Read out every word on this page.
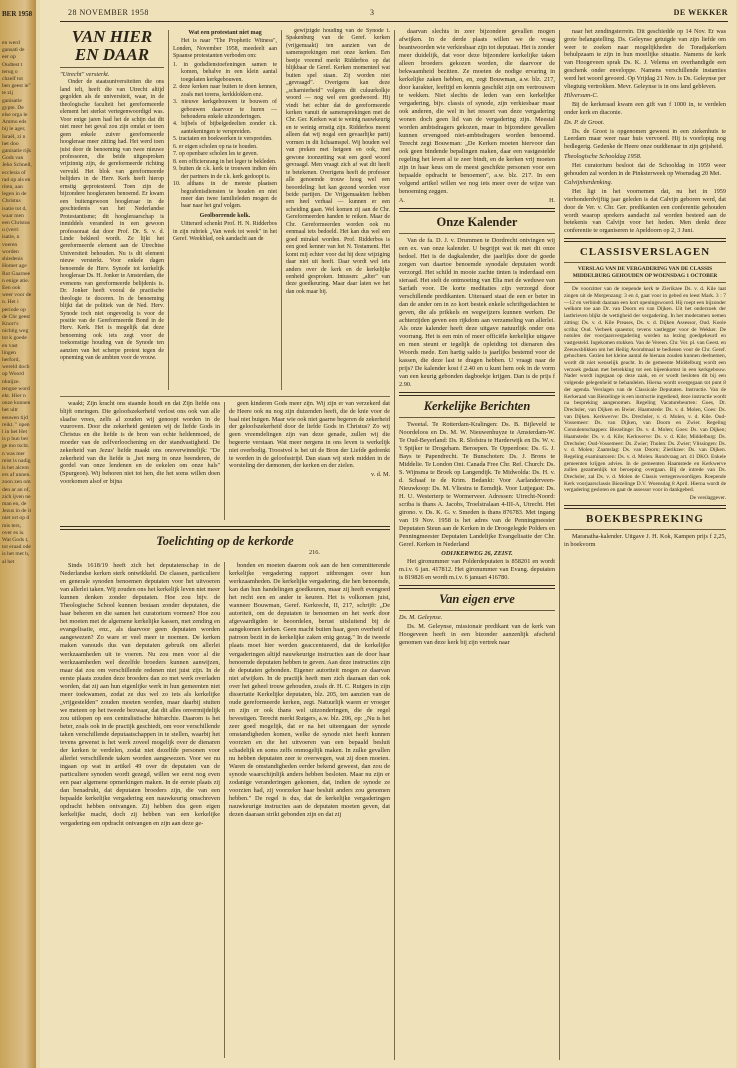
BER 1958
en werd gansati de eer op Oudtest t terug o chzelf tot ben geest ie" te zij ganisatie gypte. De else orga le Ammo eds bij le ager, Israël, zi n het doo ganisatie rijk Gods van Jeho Schnell, ecclesia of rad op als en riten, aan legen in de Christus isatie tot d, waar men een Christus u (verri isatie, n voeren worden shiedenis Homer age Rut Gaarnee n enige atie. Een ook weer voor de n. Het i periode op de Chr geest Knorr's nichtig weg tot k goede en vast lingen herford, wereld doch op Woord nhuijze. tengoe word ekt. Hier n onze kunnen het uitr eeuwen tijd reikt. " open l in het Het is p hun ber ge mo tscht. n was mer reist is nadig is het alcem ers af unnen. zoon zen om den ar an of, zich ijven ne man en, de Jezus in de it niet ort op d mis ters, over es is. Wat Gods t, tot eraad ode is het met b, al het
28 NOVEMBER 1958	3	DE WEKKER
VAN HIER EN DAAR
"Utrecht" versterkt.

Onder de staatsuniversiteiten die ons land telt, heeft die van Utrecht altijd gegolden als de universiteit, waar, in de theologische faculteit het gereformeerde element het sterkst vertegenwoordigd was. Voor enige jaren had het de schijn dat dit niet meer het geval zou zijn omdat er toen geen enkele zuiver gereformeerde hoogleraar meer zitting had. Het werd toen juist door de benoeming van twee nieuwe professoren, die beide uitgesproken vrijzinnig zijn, de gereformeerde richting vervuld. Het blok van gereformeerde belijders in de Herv. Kerk heeft hierop ernstig geprotesteerd. Toen zijn de bijzondere hoogleraren benoemd. Er kwam een buitengewoon hoogleraar in de geschiedenis van het Nederlandse Protestantisme; dit hoogleraarschap is inmiddels veranderd in een gewoon professoraat dat door Prof. Dr. S. v. d. Linde bekleed wordt. Ze lijkt het gereformeerde element aan de Utrechtse Universiteit behouden. Nu is dit element nieuw versterkt. Voor enkele dagen benoemde de Herv. Synode tot kerkelijk hoogleraar Ds. H. Jonker te Amsterdam, die eveneens van gereformeerde belijdenis is. Dr. Jonker heeft vooral de practische theologie te doceren. In de benoeming blijkt dat de politiek van de Ned. Herv. Synode toch niet ongevoelig is voor de positie van de Gereformeerde Bond in de Herv. Kerk. Het is mogelijk dat deze benoeming ook iets zegt voor de toekomstige houding van de Synode ten aanzien van het scherpe protest tegen de opneming van de ambten voor de vrouw.

Wat een protestant niet mag

Het is naar "The Prophetic Witness", Londen, November 1958, meedeelt aan Spaanse protestanten verboden om:

1. in godsdienstoefeningen samen te komen, behalve in een klein aantal toegelaten kerkgebouwen.
2. deze kerken naar buiten te doen kennen, zoals met torens, kerkklokken enz.
3. nieuwe kerkgebouwen te bouwen of gebouwen daarvoor te huren — behoudens enkele uitzonderingen.
4. bijbels of bijbelgedeelten zonder r.k. aantekeningen te verspreiden.
5. tractaten en boekwerken te verspreiden.
6. er eigen scholen op na te houden.
7. op openbare scholen les te geven.
8. een officiersrang in het leger te bekleden.
9. buiten de r.k. kerk te trouwen indien één der partners in de r.k. kerk gedoopt is.
10. althans in de meeste plaatsen begrafenisdiensten te houden en niet meer dan twee familieleden mogen de baar naar het graf volgen.
Geolborrende kolk.

Uitterard schenkt Prof. H. N. Ridderbos in zijn rubriek „Van week tot week" in het Geref. Weekblad, ook aandacht aan de

gewijzigde houding van de Synode t. Spakenburg van de Geref. kerken (vrijgemaakt) ten aanzien van de samensprekingen met onze kerken. Een beetje vreemd merkt Ridderbos op dat blijkbaar de Geref. Kerken momenteel wat buiten spel staan. Zij worden niet „gevraagd". Overigens kan deze „scharnierheid" volgens dit culuurkolkje woord — nog wel een goedwoord. Hij vindt het echter dat de gereformeerde kerken vanuit de samensprekingen met de Chr. Ger. Kerken wat te weinig nauwkeurig en te weinig ernstig zijn. Ridderbos meent alleen dat wij nogal een gevaarlijke partij vormen in dit lichaamspel. Wij houden wel van preken met hetgeen en ook, met gewone toonzetting wat een goed woord gevraagd. Men vraagt zich af wat dit heeft te betekenen. Overigens heeft de professor alle genoemde trouw hoog wel een beoordeling: het kan gezond worden voor beide partijen. De Vrijgemaakten hebben een heel verhaal — kunnen er een scheiding gaan. Wel komen zij aan de Chr. Gereformeerden handen te reiken. Maar de Chr. Gereformeerden worden ook nu eenmaal iets bedoeld. Het kan dus wel een goed mirakel worden. Prof. Ridderbos is een goed kenner van het N. Testament. Het komt mij echter voor dat hij deze wijziging daar niet uit heeft. Daar wordt wel iets anders over de kerk en de kerkelijke eenheid gesproken. Intussen: „alter" van deze goedkeuring. Maar daar laten we het dan ook maar bij.

waakt; Zijn kracht ons staande houdt en dat Zijn liefde ons blijft omringen. Die geloofszekerheid verlost ons ook van alle slaafse vrees, zelfs al zouden wij genoopt worden in de vuuroven. Door die zekerheid genieten wij de liefde Gods in Christus en die liefde is de bron van echte heldenmoed, de moeder van de zelfverloochening en der standvastigheid. De zekerheid van Jezus' liefde maakt ons onoverwinnelijk: "De zekerheid van die liefde is „het merg in onze beenderen, de gordel van onze lendenen en de eekelen om onze hals" (Spurgeon). Wij behoren niet tot hen, die het soms willen doen voorkomen alsof er bijna

geen kinderen Gods meer zijn. Wij zijn er van verzekerd dat de Heere ook nu nog zijn duizenden heeft, die de knie voor de baal niet buigen. Maar wie ook niet gaarne begeren de zekerheid der geloofszekerheid door de liefde Gods in Christus? Zo wij geen vreemdelingen zijn van deze genade, zullen wij die begeerte verstaan. Wat meer nergens in ons leven is werkelijk niet overbodig. Troostvol is het uit de Bron der Liefde gedrenkt te worden in de geloofsstrijd. Dan staan wij sterk midden in de worsteling der dæmonen, der kerken en der zielen.

v. d. M.
Toelichting op de kerkorde
216.

Sinds 1618/19 heeft zich het deputatenschap in de Nederlandse kerken sterk ontwikkeld. De classen, particuliere en generale synoden benoemen deputaten voor het uitvoeren van allerlei taken. Wij zouden ons het kerkelijk leven niet meer kunnen denken zonder deputaten. Hoe zou bijv. de Theologische School kunnen bestaan zonder deputaten, die haar beheren en die samen het curatorium vormen? Hoe zou het moeten met de algemene kerkelijke kassen, met zending en evangelisatie, enz., als daarvoor geen deputaten worden aangewezen? Zo ware er veel meer te noemen. De kerken maken vanouds dus van deputaten gebruik om allerlei werkzaamheden uit te voeren. Nu zou men voor al die werkzaamheden wel dezelfde broeders kunnen aanwijzen, maar dat zou om verschillende redenen niet juist zijn. In de eerste plaats zouden deze broeders dan zo met werk overladen worden, dat zij aan hun eigenlijke werk in hun gemeenten niet meer toekwamen, zodat ze dus wel zo iets als kerkelijke „vrijgestelden" zouden moeten worden, maar daarbij stuiten we meteen op het tweede bezwaar, dat dit alles onvermijdelijk zou uitlopen op een centralistische hiërarchie. Daarom is het beter, zoals ook in de practijk geschiedt, om voor verschillende taken verschillende deputaatschappen in te stellen, waarbij het tevens gewenst is het werk zoveel mogelijk over de dienaren der kerken te verdelen, zodat niet dezelfde personen voor allerlei verschillende taken worden aangewezen. Voor we nu ingaan op wat in artikel 49 over de deputaten van de particuliere synoden wordt gezegd, willen we eerst nog even een paar algemene opmerkingen maken. In de eerste plaats zij dan benadrukt, dat deputaten broeders zijn, die van een bepaalde kerkelijke vergadering een nauwkeurig omschreven opdracht hebben ontvangen. Zij hebben dus geen eigen kerkelijke macht, doch zij hebben van een kerkelijke vergadering een opdracht ontvangen en zijn aan deze ge-

bonden en moeten daarom ook aan de hen committerende kerkelijke vergadering rapport uitbrengen over hun werkzaamheden. De kerkelijke vergadering, die hen benoemde, kan dan hun handelingen goedkeuren, maar zij heeft evengoed het recht een en ander te keuren. Het is volkomen juist, wanneer Bouwman, Geref. Kerkrecht, II, 217, schrijft: „De autoriteit, om de deputaten te benoemen en het werk door afgevaardigden te beoordelen, berust uitsluitend bij de aangekomen kerken. Geen macht buiten haar, geen overheid of patroon bezit in de kerkelijke zaken enig gezag." In de tweede plaats moet hier worden geaccentueerd, dat de kerkelijke vergaderingen altijd nauwkeurige instructies aan de door haar benoemde deputaten hebben te geven. Aan deze instructies zijn de deputaten gebonden. Eigener autoriteit mogen ze daarvan niet afwijken. In de practijk heeft men zich daaraan dan ook over het geheel trouw gehouden, zoals dr. H. C. Rutgers in zijn dissertatie Kerkelijke deputaten, blz. 205, ten aanzien van de oude gereformeerde kerken, zegt. Natuurlijk waren er vroeger en zijn er ook thans wel uitzonderingen, die de regel bevestigen. Terecht merkt Rutgers, a.w. blz. 206, op: „Nu is het zeer goed mogelijk, dat er na het uiteengaan der synode omstandigheden komen, welke de synode niet heeft kunnen voorzien en die het uitvoeren van een bepaald besluit schadelijk en soms zelfs onmogelijk maken. In zulke gevallen nu hebben deputaten zeer te overwegen, wat zij doen moeten. Waren de omstandigheden eerder bekend geweest, dan zou de synode waarschijnlijk anders hebben besloten. Maar nu zijn er zodanige veranderingen gekomen, dat, indien de synode ze voorzien had, zij voorzeker haar besluit anders zou genomen hebben." De regel is dus, dat de kerkelijke vergaderingen nauwkeurige instructies aan de deputaten moeten geven, dat dezen daaraan strikt gebonden zijn en dat zij

daarvan slechts in zeer bijzondere gevallen mogen afwijken. In de derde plaats willen we de vraag beantwoorden wie verkiesbaar zijn tot deputaat. Het is zonder meer duidelijk, dat voor deze bijzondere kerkelijke taken alleen broeders gekozen worden, die daarvoor de bekwaamheid bezitten. Ze moeten de nodige ervaring in kerkelijke zaken hebben, en, zegt Bouwman, a.w. blz. 217, door karakter, leeftijd en kennis geschikt zijn om vertrouwen te wekken. Niet slechts de leden van een kerkelijke vergadering, bijv. classis of synode, zijn verkiesbaar maar ook anderen, die wel in het ressort van deze vergadering wonen doch geen lid van de vergadering zijn. Meestal worden ambtsdragers gekozen, maar in bijzondere gevallen kunnen ervengoed niet-ambtsdragers worden benoemd. Terecht zegt Bouwman: „De Kerken moeten hiervoor dan ook geen bindende bepalingen maken, daar een vastgestelde regeling het leven al te zeer bindt, en de kerken vrij moeten zijn in haar keus om de meest geschikte personen voor een bepaalde opdracht te benoemen", a.w. blz. 217. In een volgend artikel willen we nog iets meer over de wijze van benoeming zeggen.

A.	H.
Onze Kalender

Van de fa. D. J. v. Drummen te Dordrecht ontvingen wij een ex. van onze kalender. U begrijpt wat ik met dit onze bedoel. Het is de dagkalender, die jaarlijks door de goede zorgen van daartoe benoemde synodale deputaten wordt verzorgd. Het schild in mooie zachte tinten is inderdaad een sieraad. Het stelt de ontmoeting van Elia met de weduwe van Sarfath voor. De korte meditaties zijn verzorgd door verschillende predikanten. Uiteraard staat de een er beter in dan de ander om in zo kort bestek enkele schriftgedachten te geven, die als prikkels en wegwijzers kunnen werken. De achterzijden geven een rijkdom aan verzameling van allerlei. Als onze kalender heeft deze uitgave natuurlijk onder ons voorrang. Het is een min of meer officiële kerkelijke uitgave en men steunt er tegelijk de opleiding tot dienaren des Woords mede. Een hartig saldo is jaarlijks bestemd voor de kassen, die deze last te dragen hebben. U vraagt naar de prijs? De kalender kost f 2.40 en u kunt hem ook in de vorm van een keurig gebonden dagboekje krijgen. Dan is de prijs f 2.90.

Kerkelijke Berichten

Tweetal. Te Rotterdam-Kralingen: Ds. B. Bijleveld te Noordeloos en Ds. M. W. Nieuwenhuyze te Amsterdam-W. Te Oud-Beyerland: Ds. R. Slofstra te Harderwijk en Ds. W. v. 't Spijker te Drogeham. Beroepen. Te Opperdoes: Ds. G. J. Bays te Papendrecht. Te Bunschoten: Ds. J. Brons te Middelie. Te London Ont. Canada Free Chr. Ref. Church: Ds. S. Wijnsma te Broek op Langendijk. Te Midwolda: Ds. H. v. d. Schaaf te de Krim. Bedankt: Voor Aarlanderveen-Nieuwkoop: Ds. M. Vliestra te Eemdijk. Voor Lutjegast: Ds. H. U. Westerterp te Wormerveer. Adressen: Utrecht-Noord: scriba is thans A. Jacobs, Troelstralaan 4-III-A, Utrecht. Het girono. v. Ds. K. G. v. Smeden is thans 876783. Met ingang van 19 Nov. 1958 is het adres van de Penningmeester Deputaten Steun aan de Kerken in de Droogelegde Polders en Penningmeester Deputaten Landelijke Evangelisatie der Chr. Geref. Kerken in Nederland

ODIJKERWEG 26, ZEIST.

Het gironummer van Polderdeputaten is 858201 en wordt m.i.v. 6 jan. 417812. Het gironummer van Evang. deputaten is 819826 en wordt m.i.v. 6 januari 416780.

Van eigen erve
Ds. M. Geleynse.

Ds. M. Geleynse, missionair predikant van de kerk van Hoogeveen heeft in een bizonder aanzenlijk afscheid genomen van deze kerk bij zijn vertrek naar

naar het zendingsterrein. Dit geschiedde op 14 Nov. Er was grote belangstelling. Ds. Geleynse getuigde van zijn liefde om weer te zoeken naar mogelijkheden de Toradjakerken behulpzaam te zijn in hun moeilijke situatie. Namens de kerk van Hoogeveen sprak Ds. K. J. Velema en overhandigde een geschenk onder enveloppe. Namens verschillende instanties werd het woord gevoerd. Op Vrijdag 21 Nov. is Ds. Geleynse per vliegtuig vertrokken. Mevr. Geleynse is in ons land gebleven.

Hilversum-C.

Bij de kerkeraad kwam een gift van f 1000 in, te verdelen onder kerk en diaconie.

Ds. P. de Groot.

Ds. de Groot is opgenomen geweest in een ziekenhuis te Leerdam maar weer naar huis vervoerd. Hij is voorlopig nog bedlegerig. Gedenke de Heere onze ouddienaar in zijn grijsheid.

Theologische Schooldag 1958.

Het curatorium besloot dat de Schooldag in 1959 weer gehouden zal worden in de Pinksterweek op Woensdag 20 Mei.

Calvijnherdenking.

Het ligt in het voornemen dat, nu het in 1959 vierhonderdvijftig jaar geleden is dat Calvijn geboren werd, dat door de Ver. v. Chr. Ger. predikanten een conferentie gehouden wordt waarop sprekers aandacht zal worden besteed aan de betekenis van Calvijn voor het heden. Men denkt deze conferentie te organiseren te Apeldoorn op 2, 3 Juni.

CLASSISVERSLAGEN
VERSLAG VAN DE VERGADERING VAN DE CLASSIS MIDDELBURG GEHOUDEN OP WOENSDAG 1 OCTOBER

De voorzitter van de roepende kerk te Zierikzee Ds. v. d. Kile laat zingen uit de Morgenzang: 3 en 4, gaat voor in gebed en leest Mark. 3 : 7—12 en verbindt daaraan een kort openingswoord. Hij roept een bijzonder welkom toe aan Dr. van Doorn en van Dijken. Uit het onderzoek der lastbrieven blijkt de wettigheid der vergadering. In het moderamen nemen zitting: Ds. v. d. Kile Preases, Ds. v. d. Dijken Assessor, Oud. Koole scriba; Oud. Verbeek quaestor, tevens vastlegger voor de Wekker. De notulen der voorjaarsvergadering worden na lezing goedgekeurd en vastgesteld. Ingekomen stukken. Van de Vereen. Chr. Ver. pl. van Geest. en Zeeuwsblikken om het Heilig Avondmaal te bedienen voor de Chr. Geref. gehuchten. Gezien het kleine aantal de hieraan zouden kunnen deelnemen, wordt dit niet wenselijk geacht. In de gemeente Middelburg wordt een verzoek gedaan met betrekking tot een bijeenkomst in een kerkgebouw. Nader wordt ingegaan op deze zaak, en er wordt besloten dit bij een volgende gelegenheid te behandelen. Hierna wordt overgegaan tot punt 8 der agenda. Verslagen van de Classicale Deputaten. Instructie. Van de Kerkeraad van Biezelinge is een instructie ingediend, deze instructie wordt na bespreking aangenomen. Regeling Vacaturebeurten: Goes, Dr. Drechsler, van Dijken en Bwier. Haamstede: Ds. v. d. Molen, Goes: Ds. van Dijken. Kerkwerve: Ds. Drechsler, v. d. Molen, v. d. Kile. Oud-Vossemeer: Ds. van Dijken, van Doorn en Zwier. Regeling Consulentschappen: Biezelinge: Ds. v. d. Molen; Goes: Ds. van Dijken; Haamstede: Ds. v. d. Kile; Kerkwerve: Ds. v. d. Kile; Middelburg: Ds. Drechsler; Oud-Vossemeer: Ds. Zwier; Tholen: Ds. Zwier; Vlissingen: Ds. v. d. Molen; Zaamslag: Ds. van Doorn; Zierikzee: Ds. van Dijken. Regeling examinatoren: Ds. v. d. Molen. Rondvraag art. 41 DKO. Enkele gemeenten krijgen advies. In de gemeenten Haamstede en Kerkwerve zullen gezamenlijk tot beroeping overgaan. Bij de intrede van Ds. Drechsler, zal Ds. v. d. Molen de Classis vertegenwoordigen. Roepende Kerk voorjaarsclassis Biezelinge D.V. Woensdag 8 April. Hierna wordt de vergadering gesloten en gaat de assessor voor in dankgebed.

De verslaggever.
BOEKBESPREKING

Maranatha-kalender. Uitgave J. H. Kok, Kampen prijs f 2,25, in boekvorm
